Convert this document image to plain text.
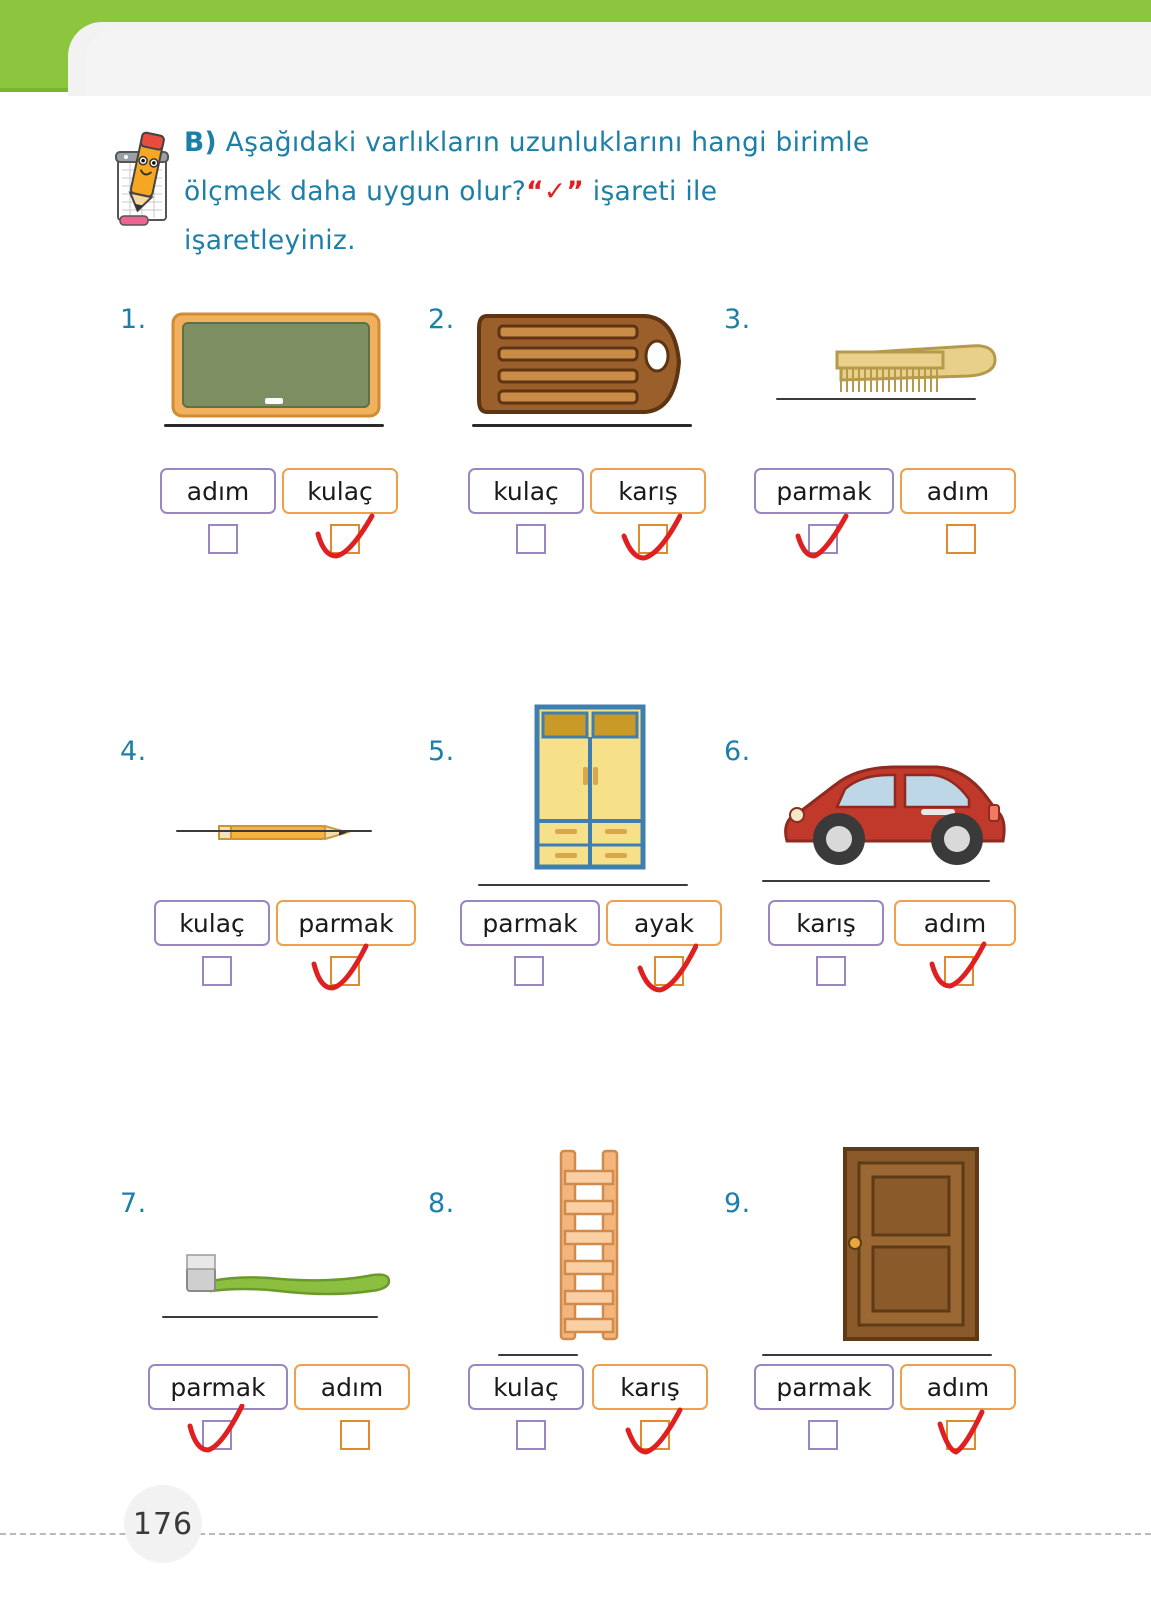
B) Aşağıdaki varlıkların uzunluklarını hangi birimle
ölçmek daha uygun olur?“✓” işareti ile
işaretleyiniz.
1.
adım	kulaç
2.
kulaç	karış
3.
parmak	adım
4.
kulaç	parmak
5.
parmak	ayak
6.
karış	adım
7.
parmak	adım
8.
kulaç	karış
9.
parmak	adım
176
